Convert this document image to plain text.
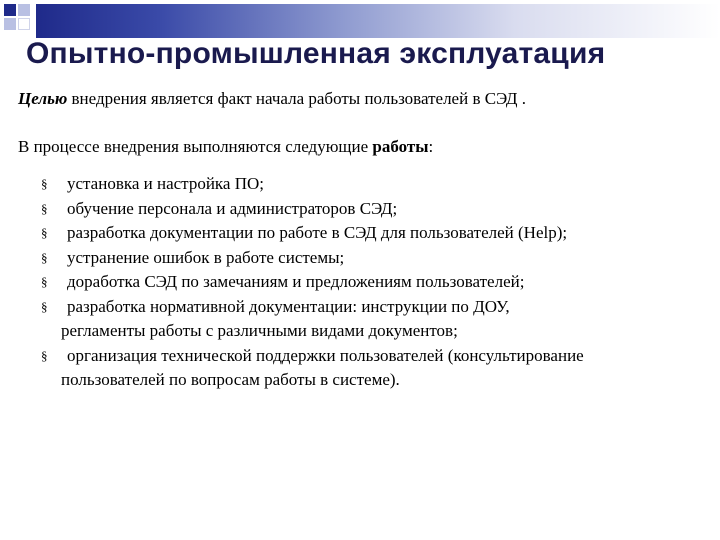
Опытно-промышленная эксплуатация

Целью внедрения является факт начала работы пользователей в СЭД .

В процессе внедрения выполняются следующие работы:

§ установка и настройка ПО;
§ обучение персонала и администраторов СЭД;
§ разработка документации по работе в СЭД для пользователей (Help);
§ устранение ошибок в работе системы;
§ доработка СЭД по замечаниям и предложениям пользователей;
§ разработка нормативной документации: инструкции по ДОУ,
регламенты работы с различными видами документов;
§ организация технической поддержки пользователей (консультирование
пользователей по вопросам работы в системе).
